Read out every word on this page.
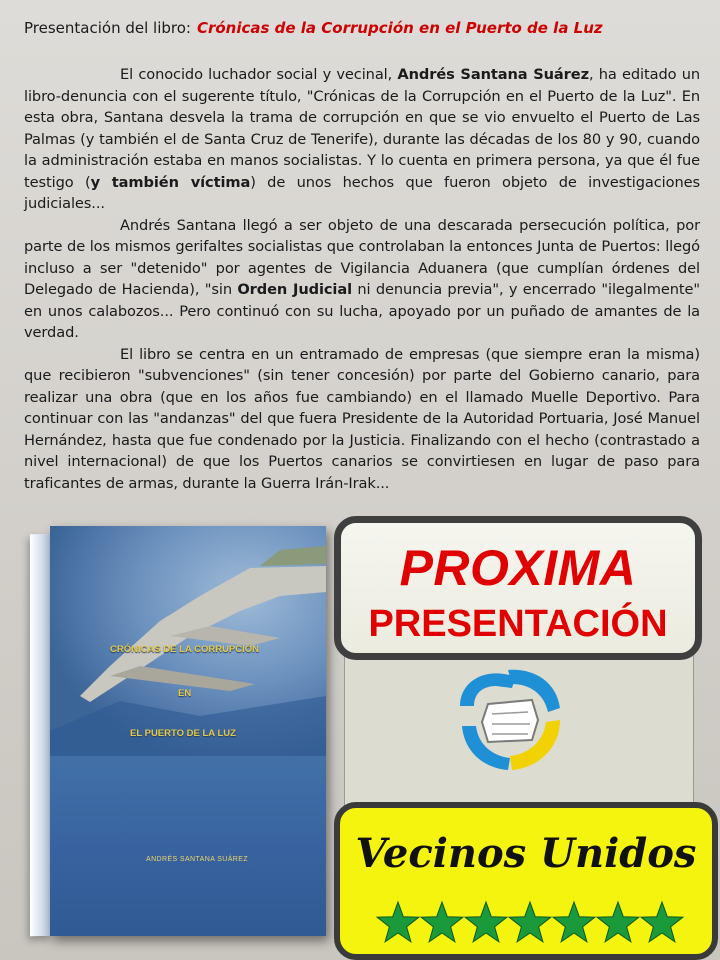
Presentación del libro: Crónicas de la Corrupción en el Puerto de la Luz

El conocido luchador social y vecinal, Andrés Santana Suárez, ha editado un libro-denuncia con el sugerente título, "Crónicas de la Corrupción en el Puerto de la Luz". En esta obra, Santana desvela la trama de corrupción en que se vio envuelto el Puerto de Las Palmas (y también el de Santa Cruz de Tenerife), durante las décadas de los 80 y 90, cuando la administración estaba en manos socialistas. Y lo cuenta en primera persona, ya que él fue testigo (y también víctima) de unos hechos que fueron objeto de investigaciones judiciales...

Andrés Santana llegó a ser objeto de una descarada persecución política, por parte de los mismos gerifaltes socialistas que controlaban la entonces Junta de Puertos: llegó incluso a ser "detenido" por agentes de Vigilancia Aduanera (que cumplían órdenes del Delegado de Hacienda), "sin Orden Judicial ni denuncia previa", y encerrado "ilegalmente" en unos calabozos... Pero continuó con su lucha, apoyado por un puñado de amantes de la verdad.

El libro se centra en un entramado de empresas (que siempre eran la misma) que recibieron "subvenciones" (sin tener concesión) por parte del Gobierno canario, para realizar una obra (que en los años fue cambiando) en el llamado Muelle Deportivo. Para continuar con las "andanzas" del que fuera Presidente de la Autoridad Portuaria, José Manuel Hernández, hasta que fue condenado por la Justicia. Finalizando con el hecho (contrastado a nivel internacional) de que los Puertos canarios se convirtiesen en lugar de paso para traficantes de armas, durante la Guerra Irán-Irak...

CRÓNICAS DE LA CORRUPCIÓN
EN
EL PUERTO DE LA LUZ
ANDRÉS SANTANA SUÁREZ
PROXIMA
PRESENTACIÓN
Vecinos Unidos
